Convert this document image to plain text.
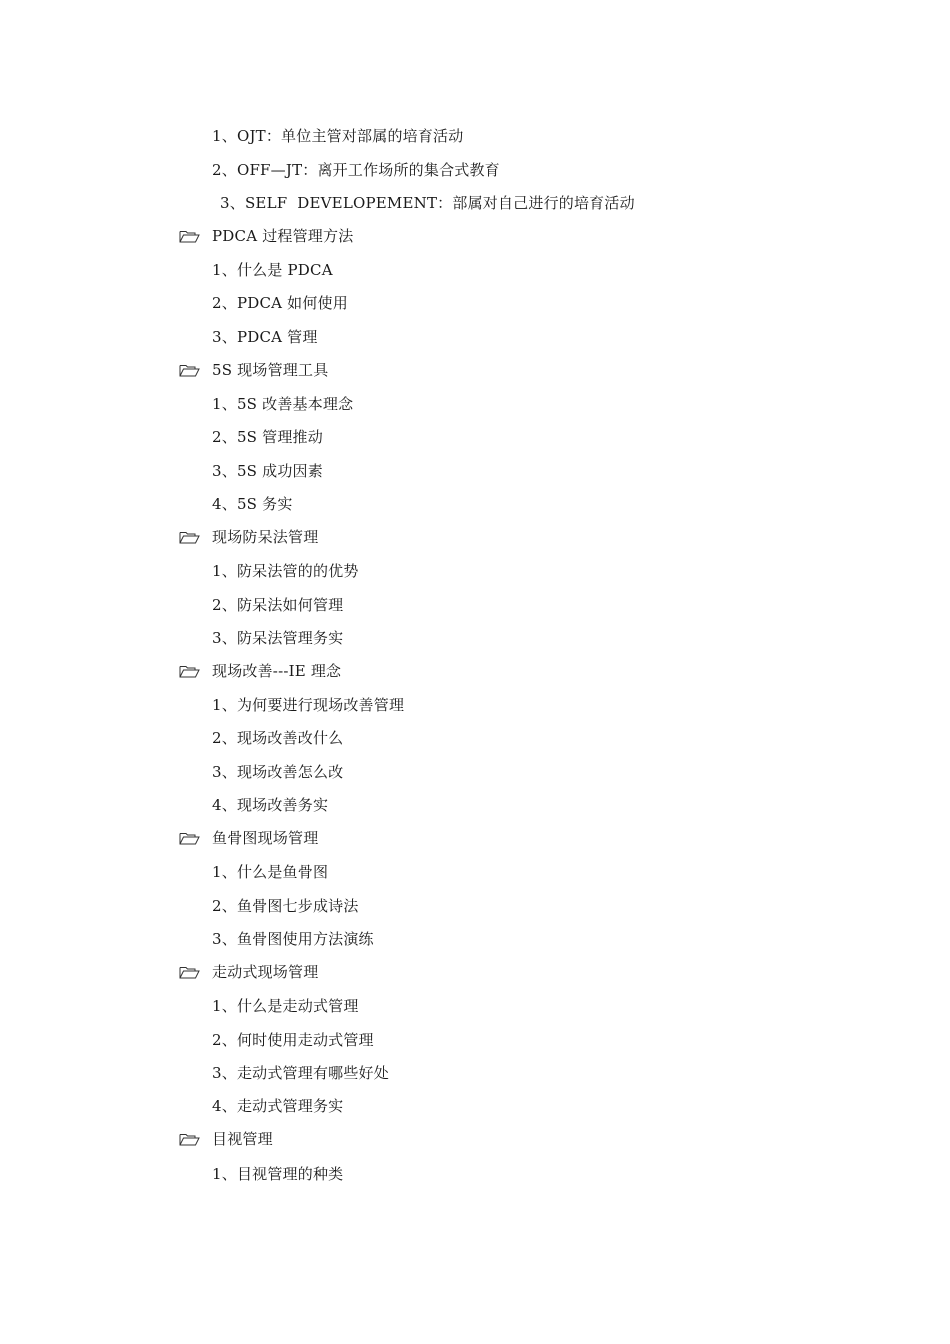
1、OJT：单位主管对部属的培育活动
2、OFF—JT：离开工作场所的集合式教育
3、SELF  DEVELOPEMENT：部属对自己进行的培育活动
PDCA 过程管理方法
1、什么是 PDCA
2、PDCA 如何使用
3、PDCA 管理
5S 现场管理工具
1、5S 改善基本理念
2、5S 管理推动
3、5S 成功因素
4、5S 务实
现场防呆法管理
1、防呆法管的的优势
2、防呆法如何管理
3、防呆法管理务实
现场改善---IE 理念
1、为何要进行现场改善管理
2、现场改善改什么
3、现场改善怎么改
4、现场改善务实
鱼骨图现场管理
1、什么是鱼骨图
2、鱼骨图七步成诗法
3、鱼骨图使用方法演练
走动式现场管理
1、什么是走动式管理
2、何时使用走动式管理
3、走动式管理有哪些好处
4、走动式管理务实
目视管理
1、目视管理的种类
